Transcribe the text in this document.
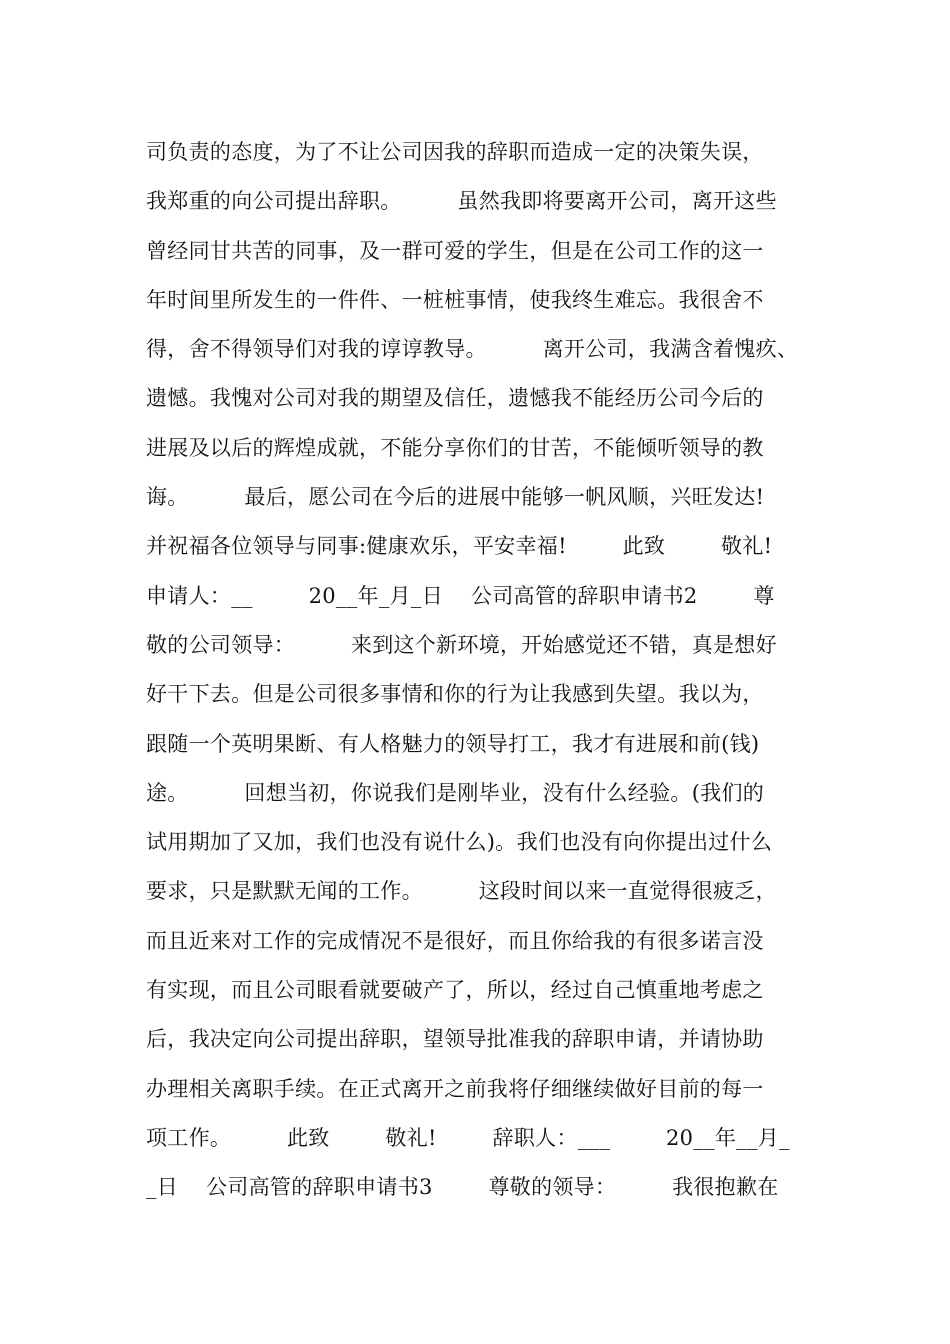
司负责的态度，为了不让公司因我的辞职而造成一定的决策失误，
我郑重的向公司提出辞职。        虽然我即将要离开公司，离开这些
曾经同甘共苦的同事，及一群可爱的学生，但是在公司工作的这一
年时间里所发生的一件件、一桩桩事情，使我终生难忘。我很舍不
得，舍不得领导们对我的谆谆教导。        离开公司，我满含着愧疚、
遗憾。我愧对公司对我的期望及信任，遗憾我不能经历公司今后的
进展及以后的辉煌成就，不能分享你们的甘苦，不能倾听领导的教
诲。        最后，愿公司在今后的进展中能够一帆风顺，兴旺发达!
并祝福各位领导与同事:健康欢乐，平安幸福!        此致        敬礼!
申请人：__        20__年_月_日    公司高管的辞职申请书2        尊
敬的公司领导：        来到这个新环境，开始感觉还不错，真是想好
好干下去。但是公司很多事情和你的行为让我感到失望。我以为，
跟随一个英明果断、有人格魅力的领导打工，我才有进展和前(钱)
途。        回想当初，你说我们是刚毕业，没有什么经验。(我们的
试用期加了又加，我们也没有说什么)。我们也没有向你提出过什么
要求，只是默默无闻的工作。        这段时间以来一直觉得很疲乏，
而且近来对工作的完成情况不是很好，而且你给我的有很多诺言没
有实现，而且公司眼看就要破产了，所以，经过自己慎重地考虑之
后，我决定向公司提出辞职，望领导批准我的辞职申请，并请协助
办理相关离职手续。在正式离开之前我将仔细继续做好目前的每一
项工作。        此致        敬礼!        辞职人：___        20__年__月_
_日    公司高管的辞职申请书3        尊敬的领导：        我很抱歉在
